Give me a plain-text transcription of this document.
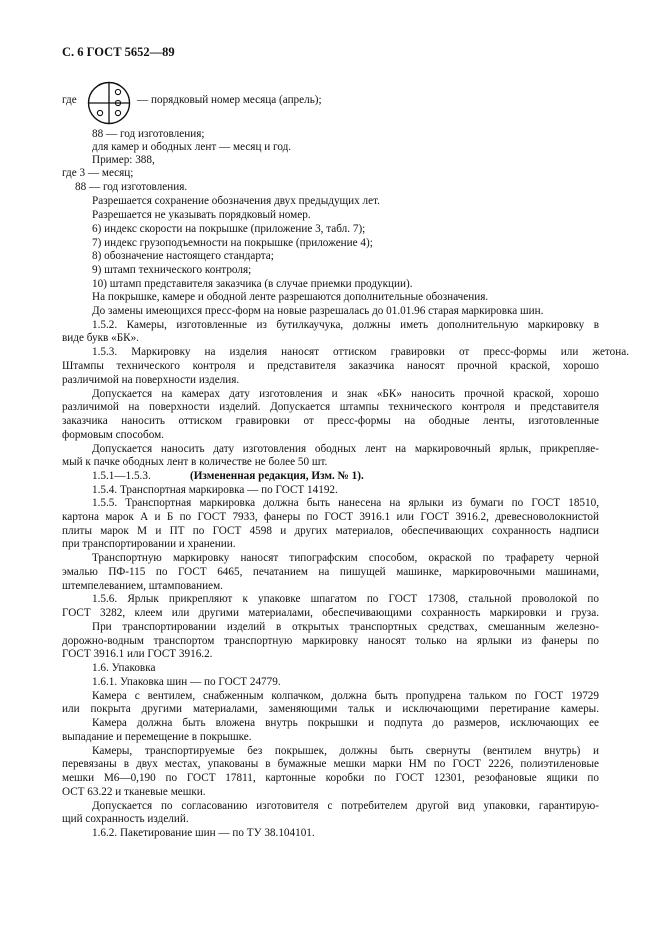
С. 6 ГОСТ 5652—89
где	— порядковый номер месяца (апрель);
88 — год изготовления;
для камер и ободных лент — месяц и год.
Пример: 388,
где 3 — месяц;
88 — год изготовления.
Разрешается сохранение обозначения двух предыдущих лет.
Разрешается не указывать порядковый номер.
6) индекс скорости на покрышке (приложение 3, табл. 7);
7) индекс грузоподъемности на покрышке (приложение 4);
8) обозначение настоящего стандарта;
9) штамп технического контроля;
10) штамп представителя заказчика (в случае приемки продукции).
На покрышке, камере и ободной ленте разрешаются дополнительные обозначения.
До замены имеющихся пресс-форм на новые разрешалась до 01.01.96 старая маркировка шин.
1.5.2. Камеры, изготовленные из бутилкаучука, должны иметь дополнительную маркировку в
виде букв «БК».
1.5.3. Маркировку на изделия наносят оттиском гравировки от пресс-формы или жетона.
Штампы технического контроля и представителя заказчика наносят прочной краской, хорошо
различимой на поверхности изделия.
Допускается на камерах дату изготовления и знак «БК» наносить прочной краской, хорошо
различимой на поверхности изделий. Допускается штампы технического контроля и представителя
заказчика наносить оттиском гравировки от пресс-формы на ободные ленты, изготовленные
формовым способом.
Допускается наносить дату изготовления ободных лент на маркировочный ярлык, прикрепляе-
мый к пачке ободных лент в количестве не более 50 шт.
1.5.1—1.5.3.	(Измененная редакция, Изм. № 1).
1.5.4. Транспортная маркировка — по ГОСТ 14192.
1.5.5. Транспортная маркировка должна быть нанесена на ярлыки из бумаги по ГОСТ 18510,
картона марок А и Б по ГОСТ 7933, фанеры по ГОСТ 3916.1 или ГОСТ 3916.2, древесноволокнистой
плиты марок М и ПТ по ГОСТ 4598 и других материалов, обеспечивающих сохранность надписи
при транспортировании и хранении.
Транспортную маркировку наносят типографским способом, окраской по трафарету черной
эмалью ПФ-115 по ГОСТ 6465, печатанием на пишущей машинке, маркировочными машинами,
штемпелеванием, штампованием.
1.5.6. Ярлык прикрепляют к упаковке шпагатом по ГОСТ 17308, стальной проволокой по
ГОСТ 3282, клеем или другими материалами, обеспечивающими сохранность маркировки и груза.
При транспортировании изделий в открытых транспортных средствах, смешанным железно-
дорожно-водным транспортом транспортную маркировку наносят только на ярлыки из фанеры по
ГОСТ 3916.1 или ГОСТ 3916.2.
1.6. Упаковка
1.6.1. Упаковка шин — по ГОСТ 24779.
Камера с вентилем, снабженным колпачком, должна быть пропудрена тальком по ГОСТ 19729
или покрыта другими материалами, заменяющими тальк и исключающими перетирание камеры.
Камера должна быть вложена внутрь покрышки и подпута до размеров, исключающих ее
выпадание и перемещение в покрышке.
Камеры, транспортируемые без покрышек, должны быть свернуты (вентилем внутрь) и
перевязаны в двух местах, упакованы в бумажные мешки марки НМ по ГОСТ 2226, полиэтиленовые
мешки М6—0,190 по ГОСТ 17811, картонные коробки по ГОСТ 12301, резофановые ящики по
ОСТ 63.22 и тканевые мешки.
Допускается по согласованию изготовителя с потребителем другой вид упаковки, гарантирую-
щий сохранность изделий.
1.6.2. Пакетирование шин — по ТУ 38.104101.
